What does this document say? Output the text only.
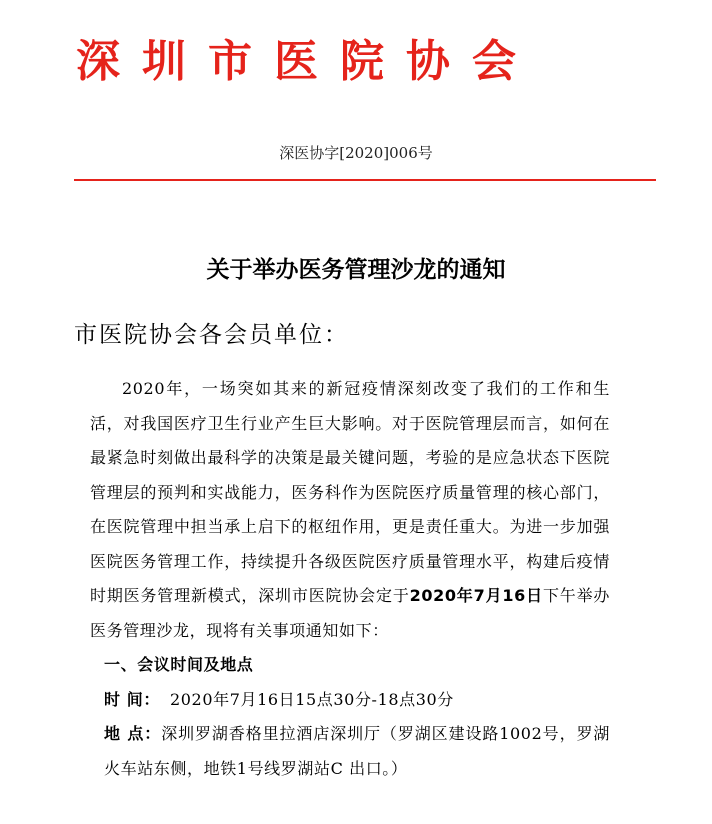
深圳市医院协会
深医协字[2020]006号
关于举办医务管理沙龙的通知
市医院协会各会员单位：

2020年，一场突如其来的新冠疫情深刻改变了我们的工作和生活，对我国医疗卫生行业产生巨大影响。对于医院管理层而言，如何在最紧急时刻做出最科学的决策是最关键问题，考验的是应急状态下医院管理层的预判和实战能力，医务科作为医院医疗质量管理的核心部门，在医院管理中担当承上启下的枢纽作用，更是责任重大。为进一步加强医院医务管理工作，持续提升各级医院医疗质量管理水平，构建后疫情时期医务管理新模式，深圳市医院协会定于2020年7月16日下午举办医务管理沙龙，现将有关事项通知如下：

一、会议时间及地点

时 间： 2020年7月16日15点30分-18点30分

地 点：深圳罗湖香格里拉酒店深圳厅（罗湖区建设路1002号，罗湖火车站东侧，地铁1号线罗湖站C 出口。）
